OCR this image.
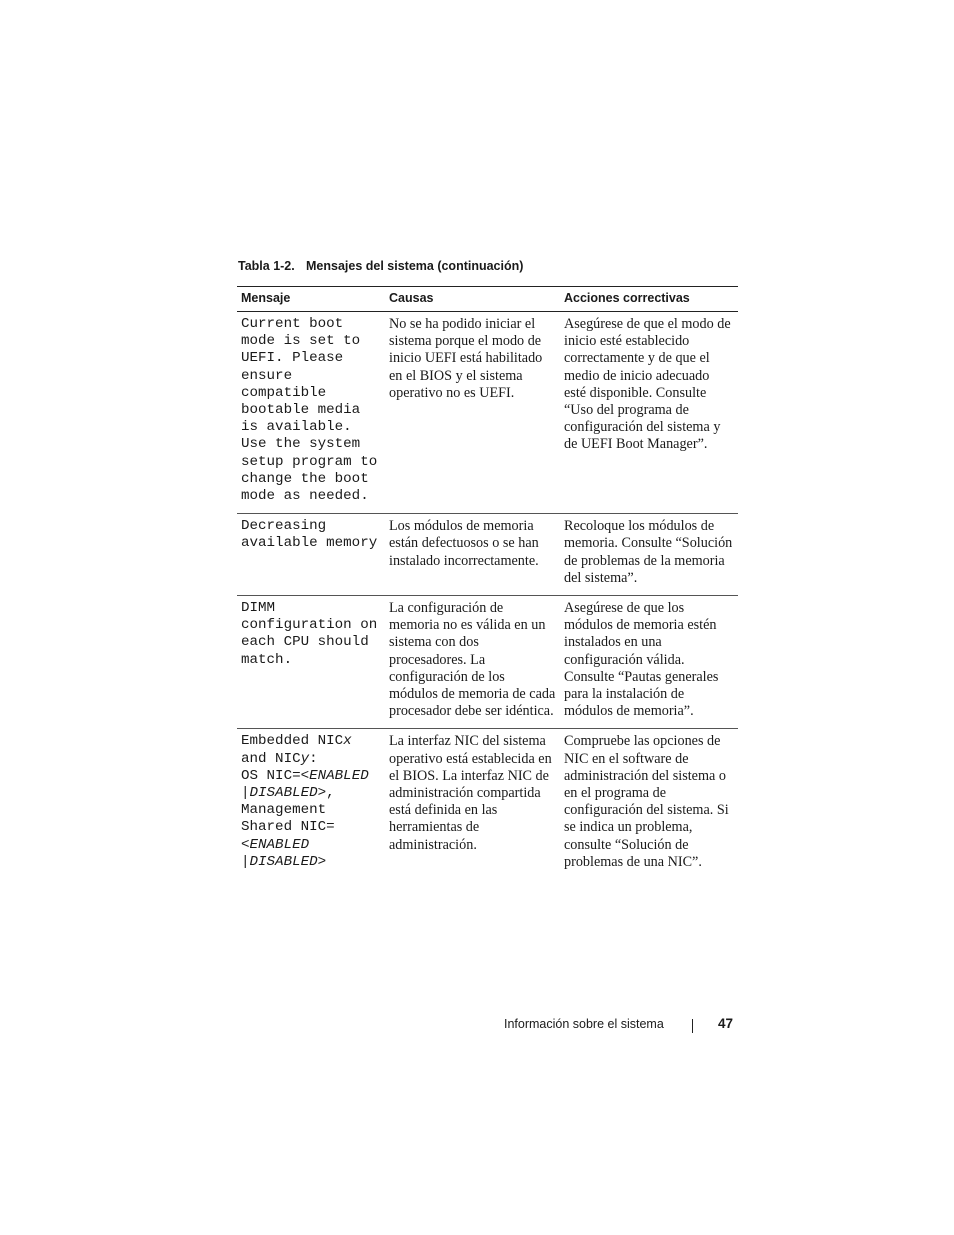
Tabla 1-2. Mensajes del sistema (continuación)
Mensaje	Causas	Acciones correctivas
Current boot mode is set to UEFI. Please ensure compatible bootable media is available. Use the system setup program to change the boot mode as needed.	No se ha podido iniciar el sistema porque el modo de inicio UEFI está habilitado en el BIOS y el sistema operativo no es UEFI.	Asegúrese de que el modo de inicio esté establecido correctamente y de que el medio de inicio adecuado esté disponible. Consulte “Uso del programa de configuración del sistema y de UEFI Boot Manager”.
Decreasing available memory	Los módulos de memoria están defectuosos o se han instalado incorrectamente.	Recoloque los módulos de memoria. Consulte “Solución de problemas de la memoria del sistema”.
DIMM configuration on each CPU should match.	La configuración de memoria no es válida en un sistema con dos procesadores. La configuración de los módulos de memoria de cada procesador debe ser idéntica.	Asegúrese de que los módulos de memoria estén instalados en una configuración válida. Consulte “Pautas generales para la instalación de módulos de memoria”.
Embedded NICx and NICy:
OS NIC=<ENABLED
|DISABLED>, Management Shared NIC=
<ENABLED
|DISABLED>	La interfaz NIC del sistema operativo está establecida en el BIOS. La interfaz NIC de administración compartida está definida en las herramientas de administración.	Compruebe las opciones de NIC en el software de administración del sistema o en el programa de configuración del sistema. Si se indica un problema, consulte “Solución de problemas de una NIC”.
Información sobre el sistema	47
